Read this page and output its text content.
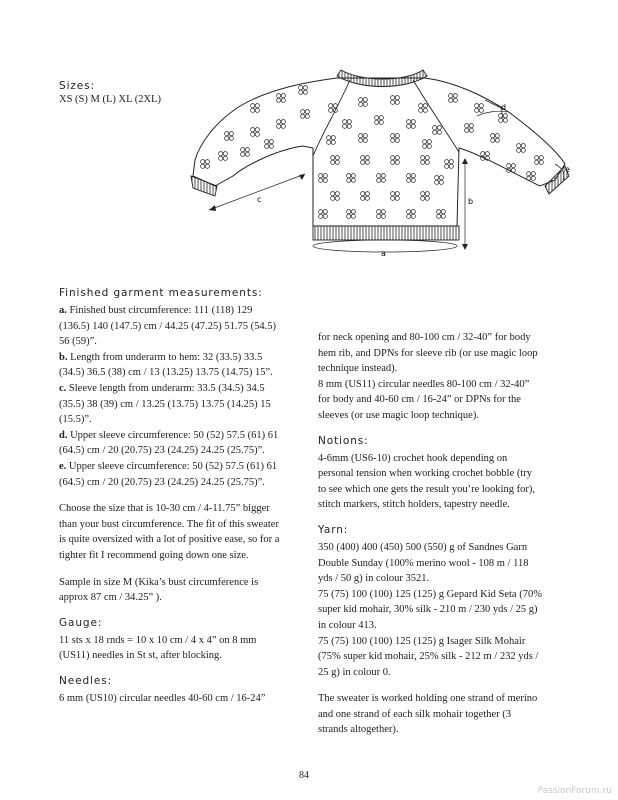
Sizes:
XS (S) M (L) XL (2XL)
a
b
c
d
e
Finished garment measurements:
a. Finished bust circumference: 111 (118) 129
(136.5) 140 (147.5) cm / 44.25 (47.25) 51.75 (54.5)
56 (59)”.
b. Length from underarm to hem: 32 (33.5) 33.5
(34.5) 36.5 (38) cm / 13 (13.25) 13.75 (14.75) 15”.
c. Sleeve length from underarm: 33.5 (34.5) 34.5
(35.5) 38 (39) cm / 13.25 (13.75) 13.75 (14.25) 15
(15.5)”.
d. Upper sleeve circumference: 50 (52) 57.5 (61) 61
(64.5) cm / 20 (20.75) 23 (24.25) 24.25 (25.75)”.
e. Upper sleeve circumference: 50 (52) 57.5 (61) 61
(64.5) cm / 20 (20.75) 23 (24.25) 24.25 (25.75)”.
Choose the size that is 10-30 cm / 4-11.75” bigger
than your bust circumference. The fit of this sweater
is quite oversized with a lot of positive ease, so for a
tighter fit I recommend going down one size.
Sample in size M (Kika’s bust circumference is
approx 87 cm / 34.25” ).
Gauge:
11 sts x 18 rnds = 10 x 10 cm / 4 x 4” on 8 mm
(US11) needles in St st, after blocking.
Needles:
6 mm (US10) circular needles 40-60 cm / 16-24”
for neck opening and 80-100 cm / 32-40” for body
hem rib, and DPNs for sleeve rib (or use magic loop
technique instead).
8 mm (US11) circular needles 80-100 cm / 32-40”
for body and 40-60 cm / 16-24” or DPNs for the
sleeves (or use magic loop technique).
Notions:
4-6mm (US6-10) crochet hook depending on
personal tension when working crochet bobble (try
to see which one gets the result you’re looking for),
stitch markers, stitch holders, tapestry needle.
Yarn:
350 (400) 400 (450) 500 (550) g of Sandnes Garn
Double Sunday (100% merino wool - 108 m / 118
yds / 50 g) in colour 3521.
75 (75) 100 (100) 125 (125) g Gepard Kid Seta (70%
super kid mohair, 30% silk - 210 m / 230 yds / 25 g)
in colour 413.
75 (75) 100 (100) 125 (125) g Isager Silk Mohair
(75% super kid mohair, 25% silk - 212 m / 232 yds /
25 g) in colour 0.
The sweater is worked holding one strand of merino
and one strand of each silk mohair together (3
strands altogether).
84
PassionForum.ru
